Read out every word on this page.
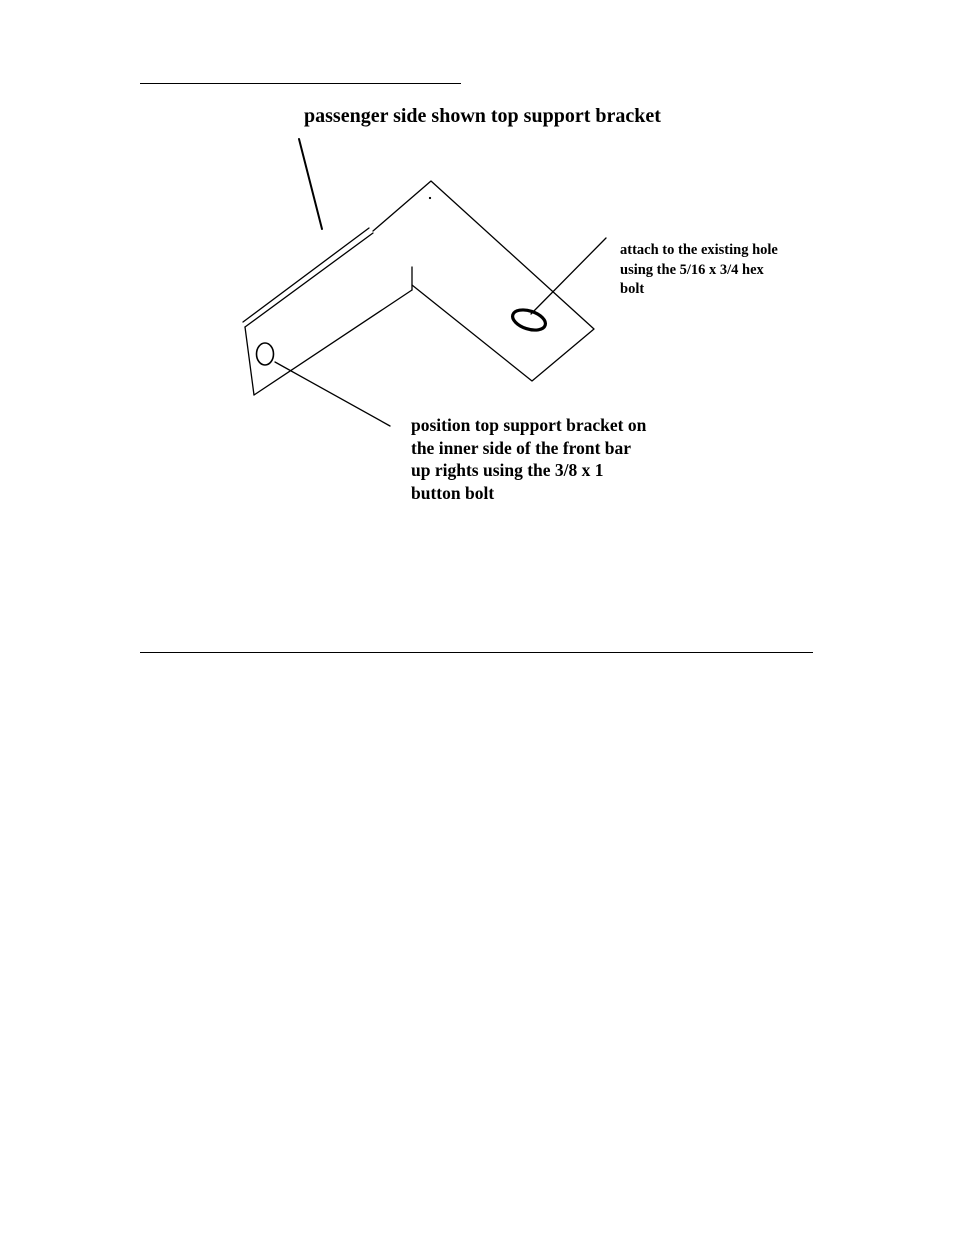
passenger side shown top support bracket
attach to the existing hole
using the 5/16 x 3/4 hex
bolt
position top support bracket on
the inner side of the front bar
up rights using the 3/8 x 1
button bolt
